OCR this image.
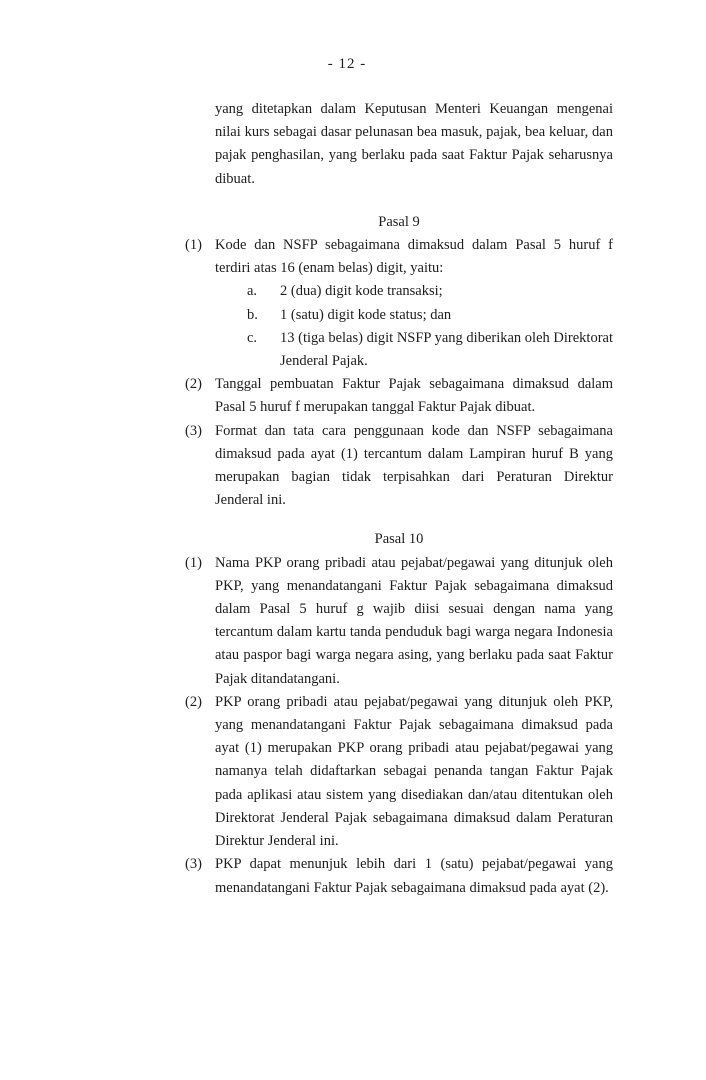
- 12 -

yang ditetapkan dalam Keputusan Menteri Keuangan mengenai nilai kurs sebagai dasar pelunasan bea masuk, pajak, bea keluar, dan pajak penghasilan, yang berlaku pada saat Faktur Pajak seharusnya dibuat.

Pasal 9
(1) Kode dan NSFP sebagaimana dimaksud dalam Pasal 5 huruf f terdiri atas 16 (enam belas) digit, yaitu:

a.	2 (dua) digit kode transaksi;

b.	1 (satu) digit kode status; dan

c.	13 (tiga belas) digit NSFP yang diberikan oleh Direktorat Jenderal Pajak.

(2) Tanggal pembuatan Faktur Pajak sebagaimana dimaksud dalam Pasal 5 huruf f merupakan tanggal Faktur Pajak dibuat.

(3) Format dan tata cara penggunaan kode dan NSFP sebagaimana dimaksud pada ayat (1) tercantum dalam Lampiran huruf B yang merupakan bagian tidak terpisahkan dari Peraturan Direktur Jenderal ini.

Pasal 10
(1) Nama PKP orang pribadi atau pejabat/pegawai yang ditunjuk oleh PKP, yang menandatangani Faktur Pajak sebagaimana dimaksud dalam Pasal 5 huruf g wajib diisi sesuai dengan nama yang tercantum dalam kartu tanda penduduk bagi warga negara Indonesia atau paspor bagi warga negara asing, yang berlaku pada saat Faktur Pajak ditandatangani.

(2) PKP orang pribadi atau pejabat/pegawai yang ditunjuk oleh PKP, yang menandatangani Faktur Pajak sebagaimana dimaksud pada ayat (1) merupakan PKP orang pribadi atau pejabat/pegawai yang namanya telah didaftarkan sebagai penanda tangan Faktur Pajak pada aplikasi atau sistem yang disediakan dan/atau ditentukan oleh Direktorat Jenderal Pajak sebagaimana dimaksud dalam Peraturan Direktur Jenderal ini.

(3) PKP dapat menunjuk lebih dari 1 (satu) pejabat/pegawai yang menandatangani Faktur Pajak sebagaimana dimaksud pada ayat (2).
